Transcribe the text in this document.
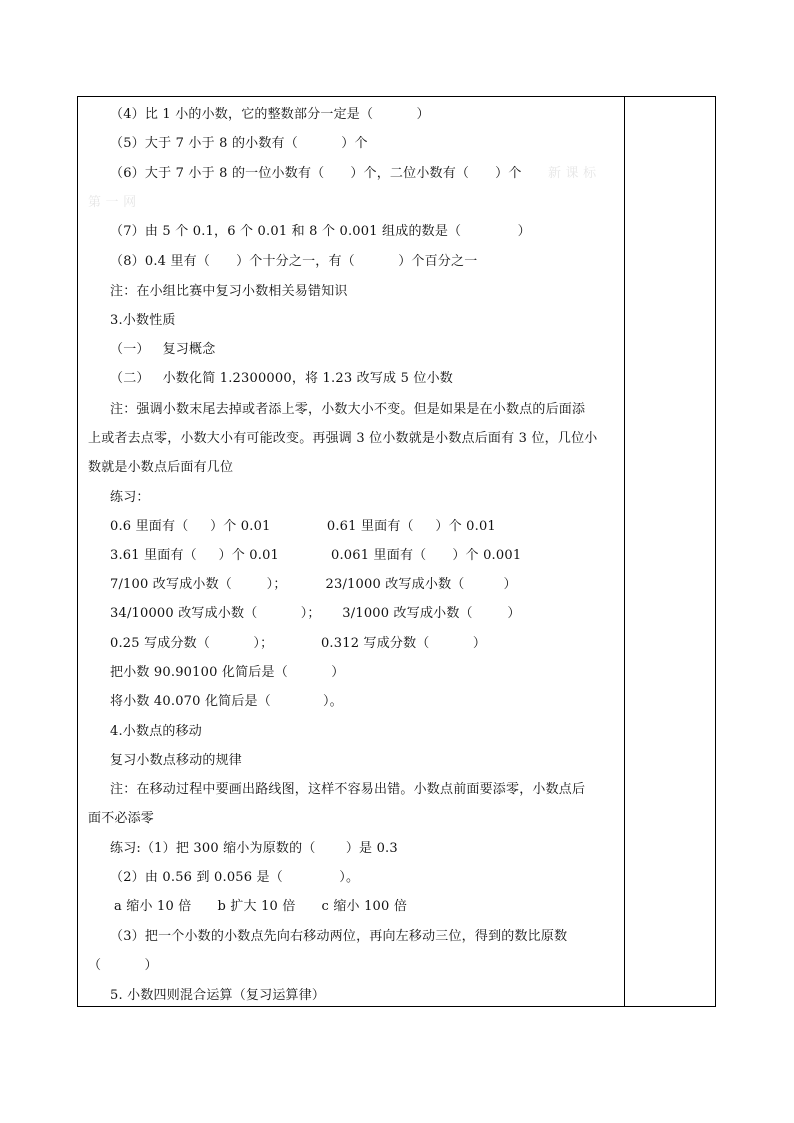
（4）比 1 小的小数，它的整数部分一定是（          ）
（5）大于 7 小于 8 的小数有（          ）个
（6）大于 7 小于 8 的一位小数有（      ）个，二位小数有（      ）个 新 课 标
第 一 网
（7）由 5 个 0.1，6 个 0.01 和 8 个 0.001 组成的数是（             ）
（8）0.4 里有（      ）个十分之一，有（          ）个百分之一
注：在小组比赛中复习小数相关易错知识
3.小数性质
（一）   复习概念
（二）   小数化简 1.2300000，将 1.23 改写成 5 位小数
注：强调小数末尾去掉或者添上零，小数大小不变。但是如果是在小数点的后面添
上或者去点零，小数大小有可能改变。再强调 3 位小数就是小数点后面有 3 位，几位小
数就是小数点后面有几位
练习：
0.6 里面有（     ）个 0.01             0.61 里面有（     ）个 0.01
3.61 里面有（     ）个 0.01            0.061 里面有（      ）个 0.001
7/100 改写成小数（        ）；         23/1000 改写成小数（         ）
34/10000 改写成小数（          ）；     3/1000 改写成小数（        ）
0.25 写成分数（          ）；           0.312 写成分数（          ）
把小数 90.90100 化简后是（          ）
将小数 40.070 化简后是（            ）。
4.小数点的移动
复习小数点移动的规律
注：在移动过程中要画出路线图，这样不容易出错。小数点前面要添零，小数点后
面不必添零
练习:（1）把 300 缩小为原数的（       ）是 0.3
（2）由 0.56 到 0.056 是（             ）。
a 缩小 10 倍      b 扩大 10 倍      c 缩小 100 倍
（3）把一个小数的小数点先向右移动两位，再向左移动三位，得到的数比原数
（          ）
5. 小数四则混合运算（复习运算律）
